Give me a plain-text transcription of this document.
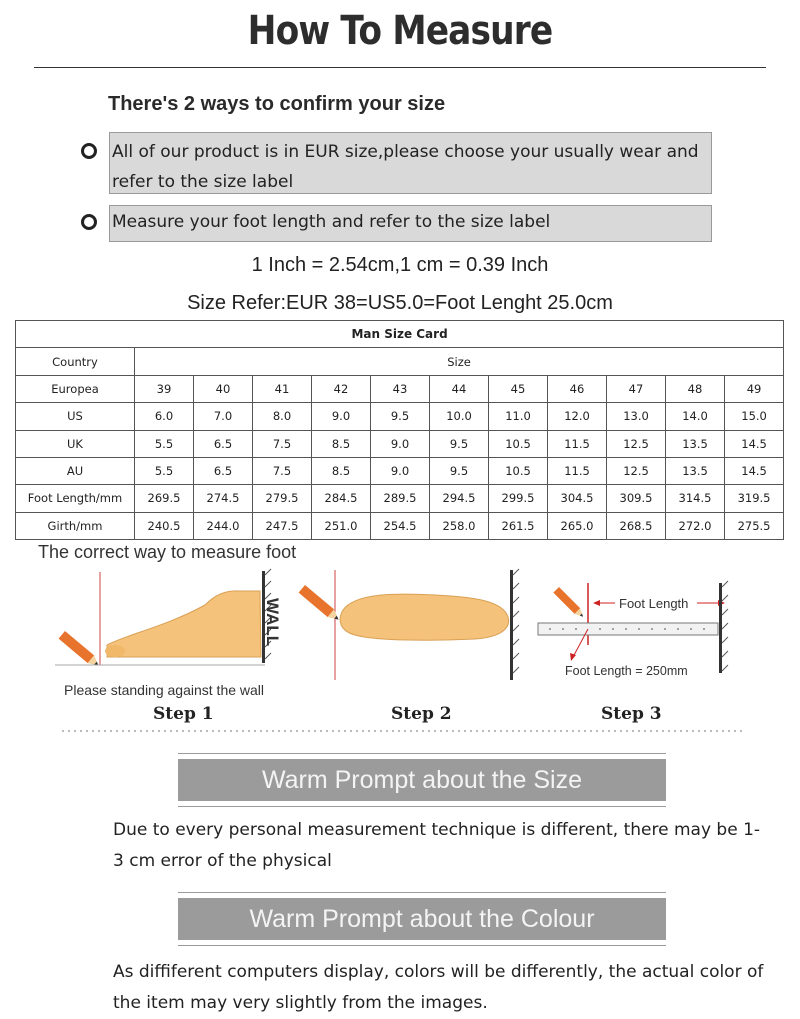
How To Measure
There's 2 ways to confirm your size
All of our product is in EUR size,please choose your usually wear and refer to the size label
Measure your foot length and refer to the size label
1 Inch = 2.54cm,1 cm = 0.39 Inch
Size Refer:EUR 38=US5.0=Foot Lenght 25.0cm
Man Size Card											
Country	Size										
Europea	39	40	41	42	43	44	45	46	47	48	49
US	6.0	7.0	8.0	9.0	9.5	10.0	11.0	12.0	13.0	14.0	15.0
UK	5.5	6.5	7.5	8.5	9.0	9.5	10.5	11.5	12.5	13.5	14.5
AU	5.5	6.5	7.5	8.5	9.0	9.5	10.5	11.5	12.5	13.5	14.5
Foot Length/mm	269.5	274.5	279.5	284.5	289.5	294.5	299.5	304.5	309.5	314.5	319.5
Girth/mm	240.5	244.0	247.5	251.0	254.5	258.0	261.5	265.0	268.5	272.0	275.5
The correct way to measure foot
WALL	Foot Length
Foot Length = 250mm
Please standing against the wall
Step 1	Step 2	Step 3
Warm Prompt about the Size
Due to every personal measurement technique is different, there may be 1-3 cm error of the physical
Warm Prompt about the Colour
As diffiferent computers display, colors will be differently, the actual color of the item may very slightly from the images.
